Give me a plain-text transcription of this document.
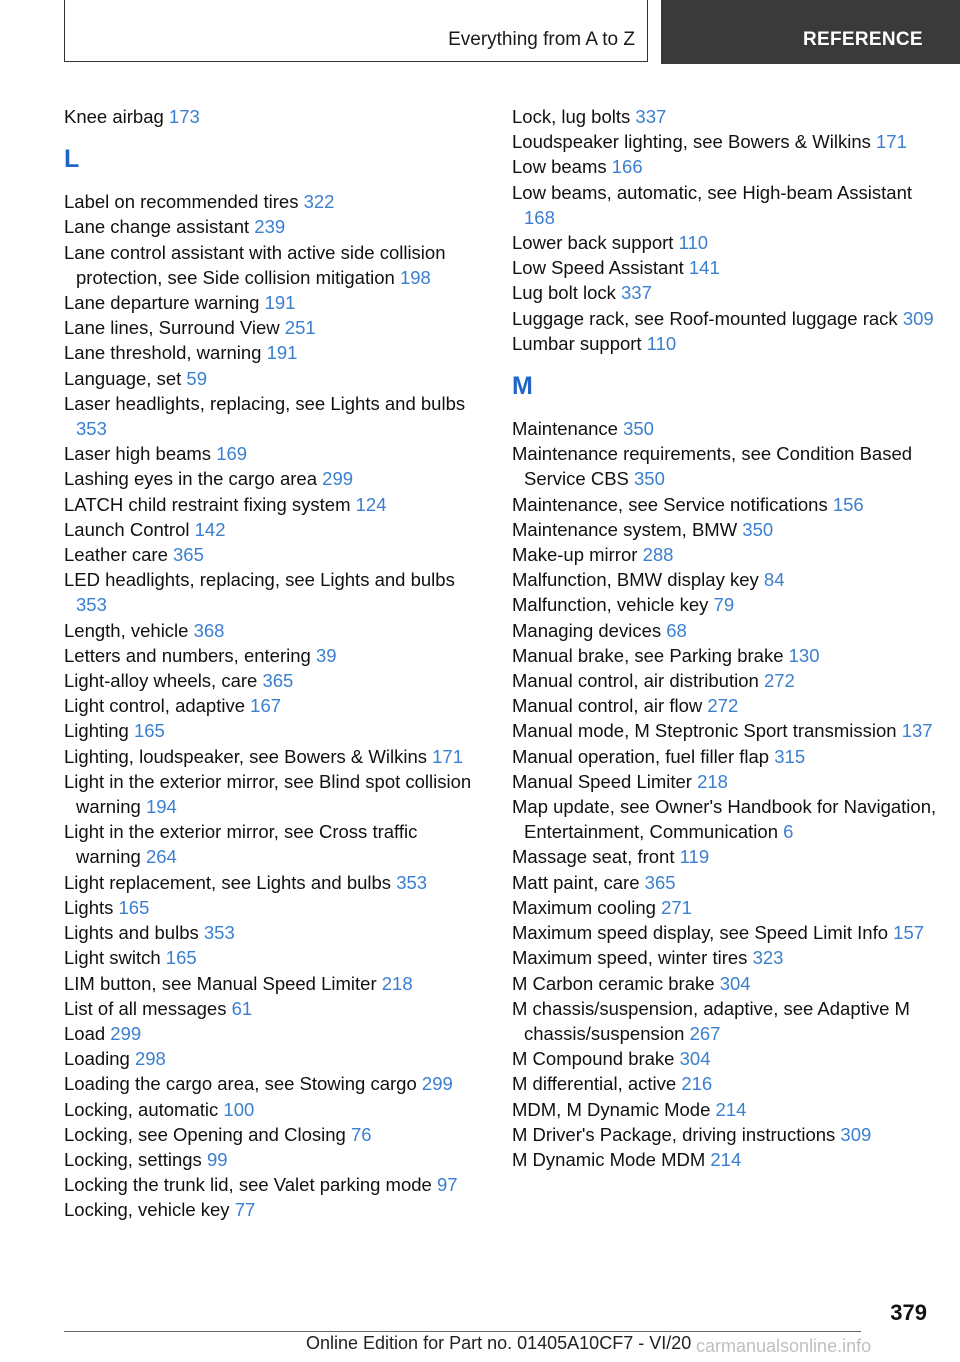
Everything from A to Z	REFERENCE
Knee airbag 173
L
Label on recommended tires 322
Lane change assistant 239
Lane control assistant with active side collision protection, see Side collision mitigation 198
Lane departure warning 191
Lane lines, Surround View 251
Lane threshold, warning 191
Language, set 59
Laser headlights, replacing, see Lights and bulbs 353
Laser high beams 169
Lashing eyes in the cargo area 299
LATCH child restraint fixing system 124
Launch Control 142
Leather care 365
LED headlights, replacing, see Lights and bulbs 353
Length, vehicle 368
Letters and numbers, entering 39
Light-alloy wheels, care 365
Light control, adaptive 167
Lighting 165
Lighting, loudspeaker, see Bowers & Wilkins 171
Light in the exterior mirror, see Blind spot collision warning 194
Light in the exterior mirror, see Cross traffic warning 264
Light replacement, see Lights and bulbs 353
Lights 165
Lights and bulbs 353
Light switch 165
LIM button, see Manual Speed Limiter 218
List of all messages 61
Load 299
Loading 298
Loading the cargo area, see Stowing cargo 299
Locking, automatic 100
Locking, see Opening and Closing 76
Locking, settings 99
Locking the trunk lid, see Valet parking mode 97
Locking, vehicle key 77
Lock, lug bolts 337
Loudspeaker lighting, see Bowers & Wilkins 171
Low beams 166
Low beams, automatic, see High-beam Assistant 168
Lower back support 110
Low Speed Assistant 141
Lug bolt lock 337
Luggage rack, see Roof-mounted luggage rack 309
Lumbar support 110
M
Maintenance 350
Maintenance requirements, see Condition Based Service CBS 350
Maintenance, see Service notifications 156
Maintenance system, BMW 350
Make-up mirror 288
Malfunction, BMW display key 84
Malfunction, vehicle key 79
Managing devices 68
Manual brake, see Parking brake 130
Manual control, air distribution 272
Manual control, air flow 272
Manual mode, M Steptronic Sport transmission 137
Manual operation, fuel filler flap 315
Manual Speed Limiter 218
Map update, see Owner's Handbook for Navigation, Entertainment, Communication 6
Massage seat, front 119
Matt paint, care 365
Maximum cooling 271
Maximum speed display, see Speed Limit Info 157
Maximum speed, winter tires 323
M Carbon ceramic brake 304
M chassis/suspension, adaptive, see Adaptive M chassis/suspension 267
M Compound brake 304
M differential, active 216
MDM, M Dynamic Mode 214
M Driver's Package, driving instructions 309
M Dynamic Mode MDM 214
379
Online Edition for Part no. 01405A10CF7 - VI/20 carmanualsonline.info
